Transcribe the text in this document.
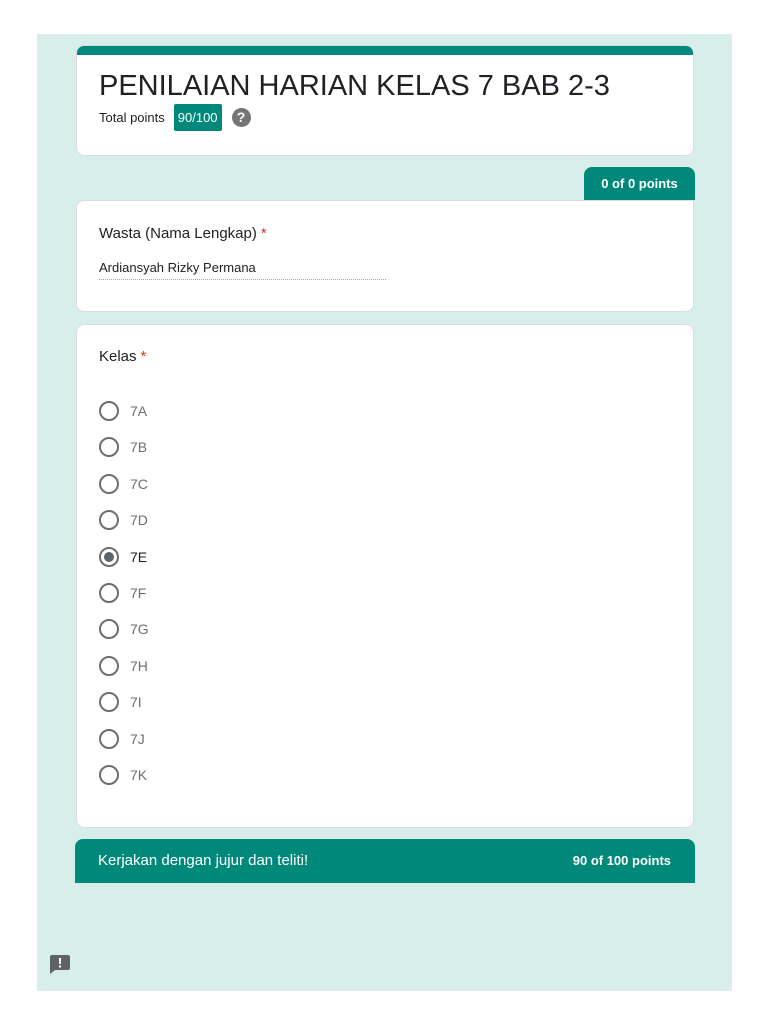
PENILAIAN HARIAN KELAS 7 BAB 2-3
Total points	90/100	?
0 of 0 points
Wasta (Nama Lengkap) *
Ardiansyah Rizky Permana
Kelas *
7A
7B
7C
7D
7E
7F
7G
7H
7I
7J
7K
Kerjakan dengan jujur dan teliti!	90 of 100 points
